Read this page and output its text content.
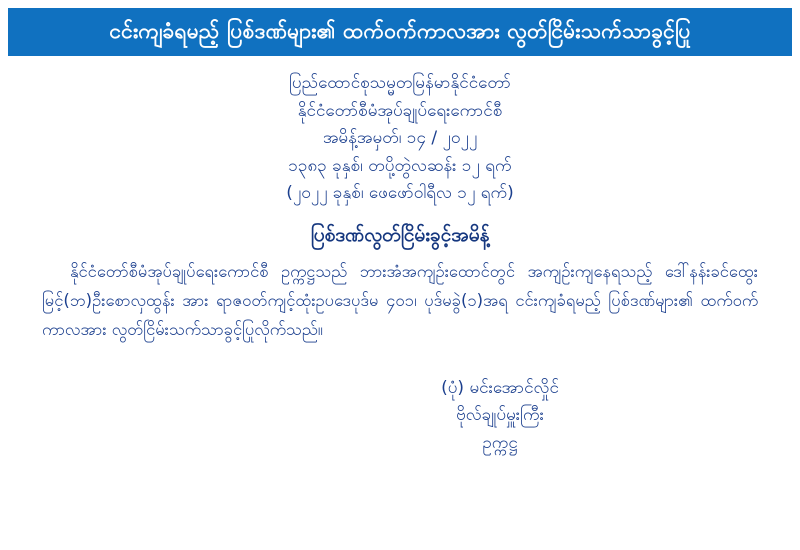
ငင်းကျခံရမည့် ပြစ်ဒဏ်များ၏ ထက်ဝက်ကာလအား လွတ်ငြိမ်းသက်သာခွင့်ပြု
ပြည်ထောင်စုသမ္မတမြန်မာနိုင်ငံတော်
နိုင်ငံတော်စီမံအုပ်ချုပ်ရေးကောင်စီ
အမိန့်အမှတ်၊ ၁၄ / ၂၀၂၂
၁၃၈၃ ခုနှစ်၊ တပို့တွဲလဆန်း ၁၂ ရက်
(၂၀၂၂ ခုနှစ်၊ ဖေဖော်ဝါရီလ ၁၂ ရက်)
ပြစ်ဒဏ်လွတ်ငြိမ်းခွင့်အမိန့်
နိုင်ငံတော်စီမံအုပ်ချုပ်ရေးကောင်စီ ဥက္ကဋ္ဌသည် ဘားအံအကျဉ်းထောင်တွင် အကျဉ်းကျနေရသည့် ဒေါ်နန်းခင်ထွေးမြင့်(ဘ)ဦးစောလှထွန်း အား ရာဇဝတ်ကျင့်ထုံးဥပဒေပုဒ်မ ၄၀၁၊ ပုဒ်မခွဲ(၁)အရ ငင်းကျခံရမည့် ပြစ်ဒဏ်များ၏ ထက်ဝက်ကာလအား လွတ်ငြိမ်းသက်သာခွင့်ပြုလိုက်သည်။
(ပုံ) မင်းအောင်လှိုင်
ဗိုလ်ချုပ်မှူးကြီး
ဥက္ကဋ္ဌ
